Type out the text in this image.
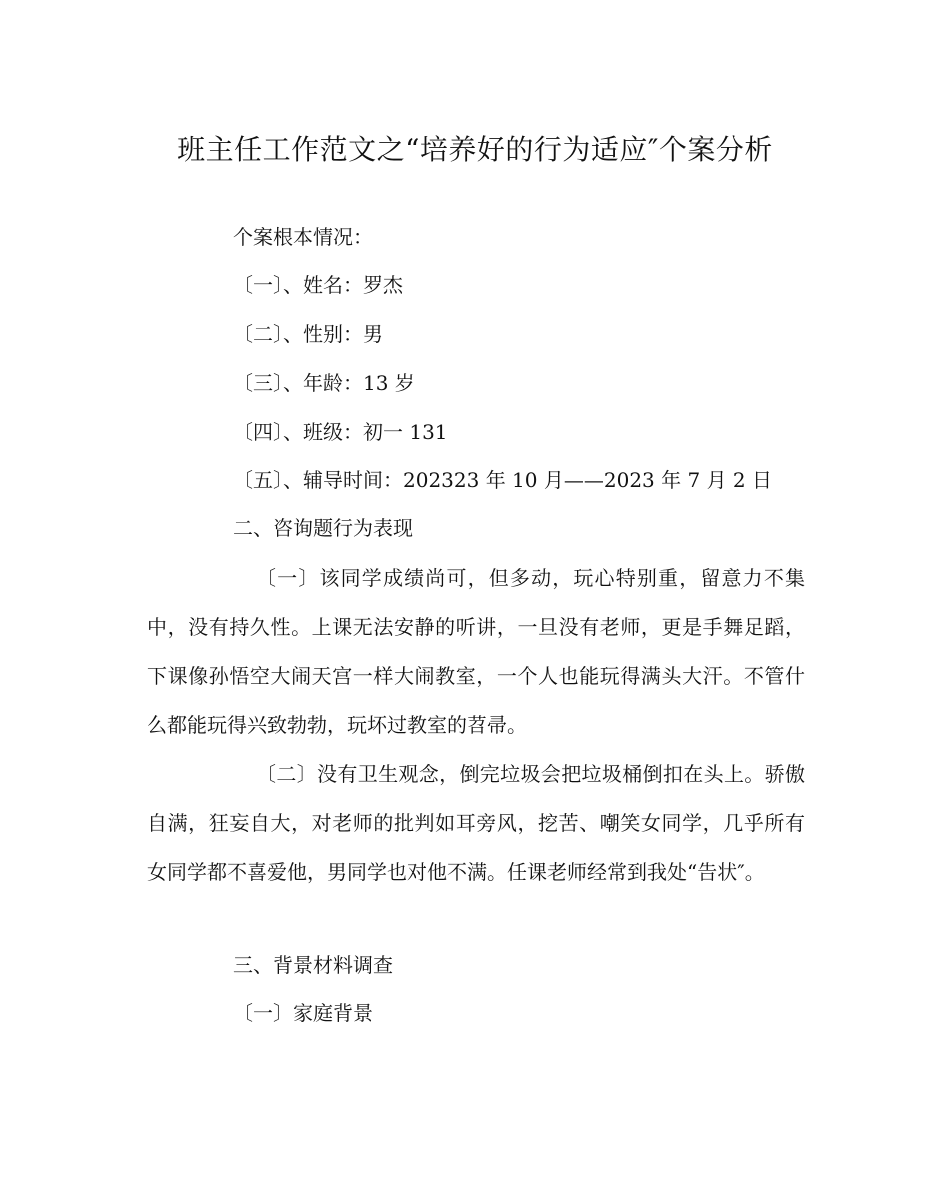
班主任工作范文之“培养好的行为适应″个案分析
个案根本情况：
〔一〕、姓名：罗杰
〔二〕、性别：男
〔三〕、年龄：13 岁
〔四〕、班级：初一 131
〔五〕、辅导时间：202323 年 10 月——2023 年 7 月 2 日
二、咨询题行为表现

〔一〕该同学成绩尚可，但多动，玩心特别重，留意力不集中，没有持久性。上课无法安静的听讲，一旦没有老师，更是手舞足蹈，下课像孙悟空大闹天宫一样大闹教室，一个人也能玩得满头大汗。不管什么都能玩得兴致勃勃，玩坏过教室的苕帚。

〔二〕没有卫生观念，倒完垃圾会把垃圾桶倒扣在头上。骄傲自满，狂妄自大，对老师的批判如耳旁风，挖苦、嘲笑女同学，几乎所有女同学都不喜爱他，男同学也对他不满。任课老师经常到我处“告状″。

三、背景材料调查
〔一〕家庭背景
